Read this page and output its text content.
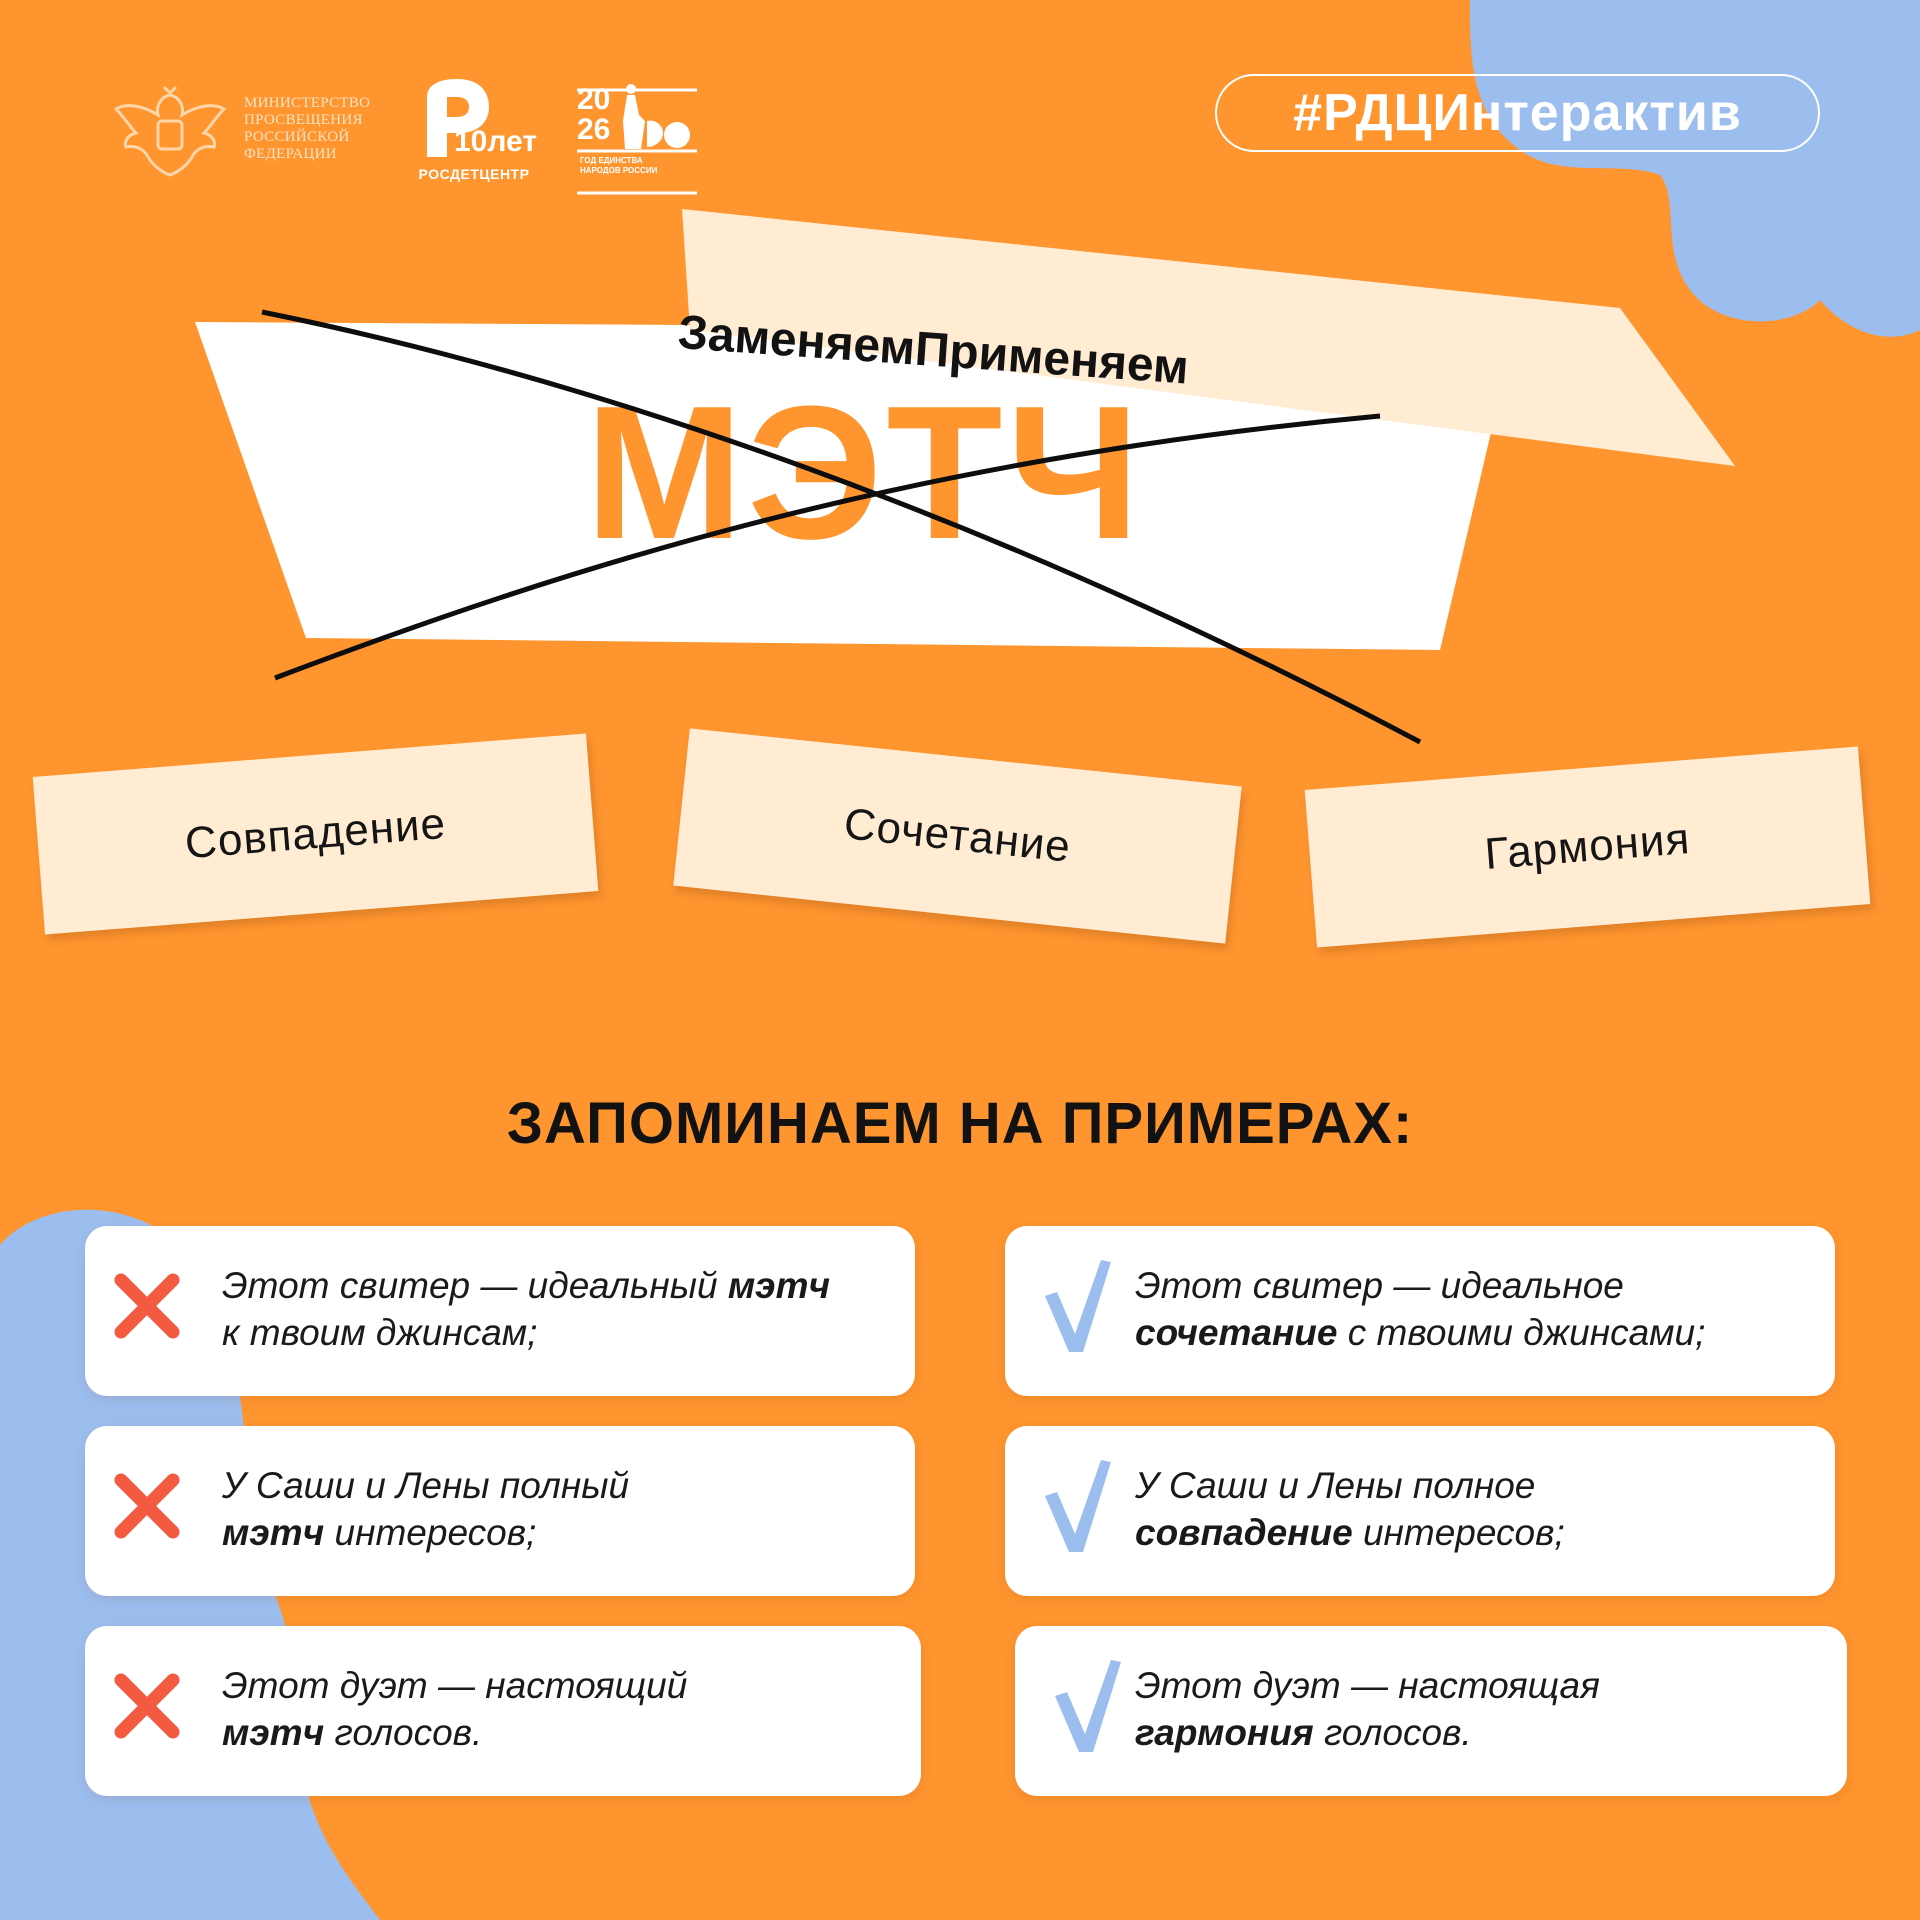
МИНИСТЕРСТВО
ПРОСВЕЩЕНИЯ
РОССИЙСКОЙ
ФЕДЕРАЦИИ	10лет
РОСДЕТЦЕНТР
20
26
ГОД ЕДИНСТВА
НАРОДОВ РОССИИ
#РДЦИнтерактив
ЗаменяемПрименяем
МЭТЧ
Совпадение	Сочетание	Гармония
ЗАПОМИНАЕМ НА ПРИМЕРАХ:
Этот свитер — идеальный мэтч
к твоим джинсам;
У Саши и Лены полный
мэтч интересов;
Этот дуэт — настоящий
мэтч голосов.
Этот свитер — идеальное
сочетание с твоими джинсами;
У Саши и Лены полное
совпадение интересов;
Этот дуэт — настоящая
гармония голосов.
